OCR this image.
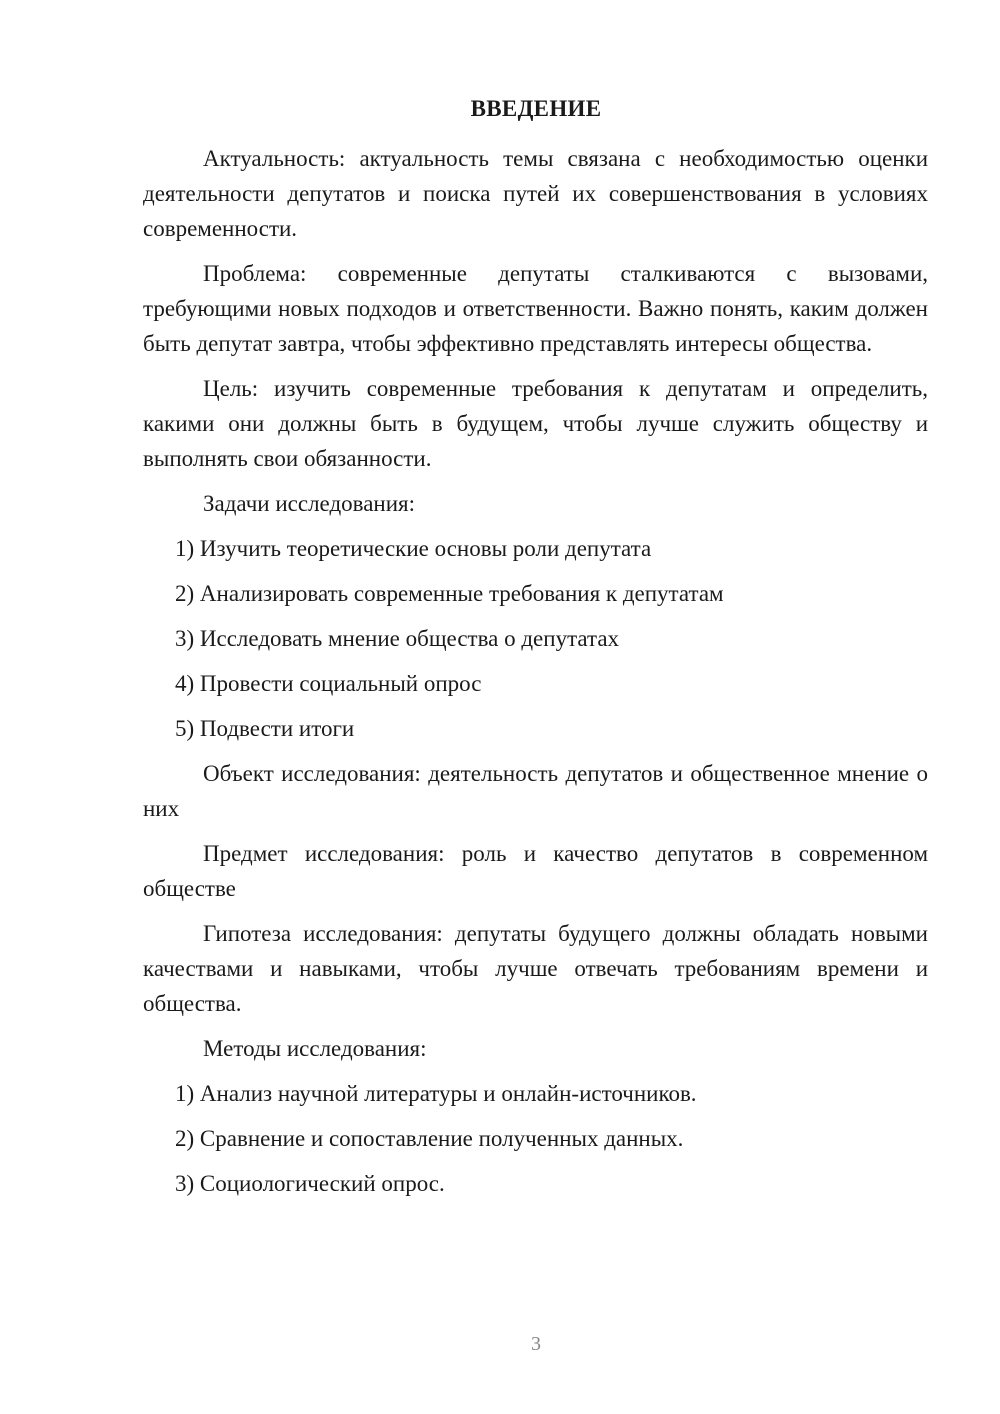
ВВЕДЕНИЕ

Актуальность: актуальность темы связана с необходимостью оценки деятельности депутатов и поиска путей их совершенствования в условиях современности.

Проблема: современные депутаты сталкиваются с вызовами, требующими новых подходов и ответственности. Важно понять, каким должен быть депутат завтра, чтобы эффективно представлять интересы общества.

Цель: изучить современные требования к депутатам и определить, какими они должны быть в будущем, чтобы лучше служить обществу и выполнять свои обязанности.

Задачи исследования:

1) Изучить теоретические основы роли депутата

2) Анализировать современные требования к депутатам

3) Исследовать мнение общества о депутатах

4) Провести социальный опрос

5) Подвести итоги

Объект исследования: деятельность депутатов и общественное мнение о них

Предмет исследования: роль и качество депутатов в современном обществе

Гипотеза исследования: депутаты будущего должны обладать новыми качествами и навыками, чтобы лучше отвечать требованиям времени и общества.

Методы исследования:

1) Анализ научной литературы и онлайн-источников.

2) Сравнение и сопоставление полученных данных.

3) Социологический опрос.

3
